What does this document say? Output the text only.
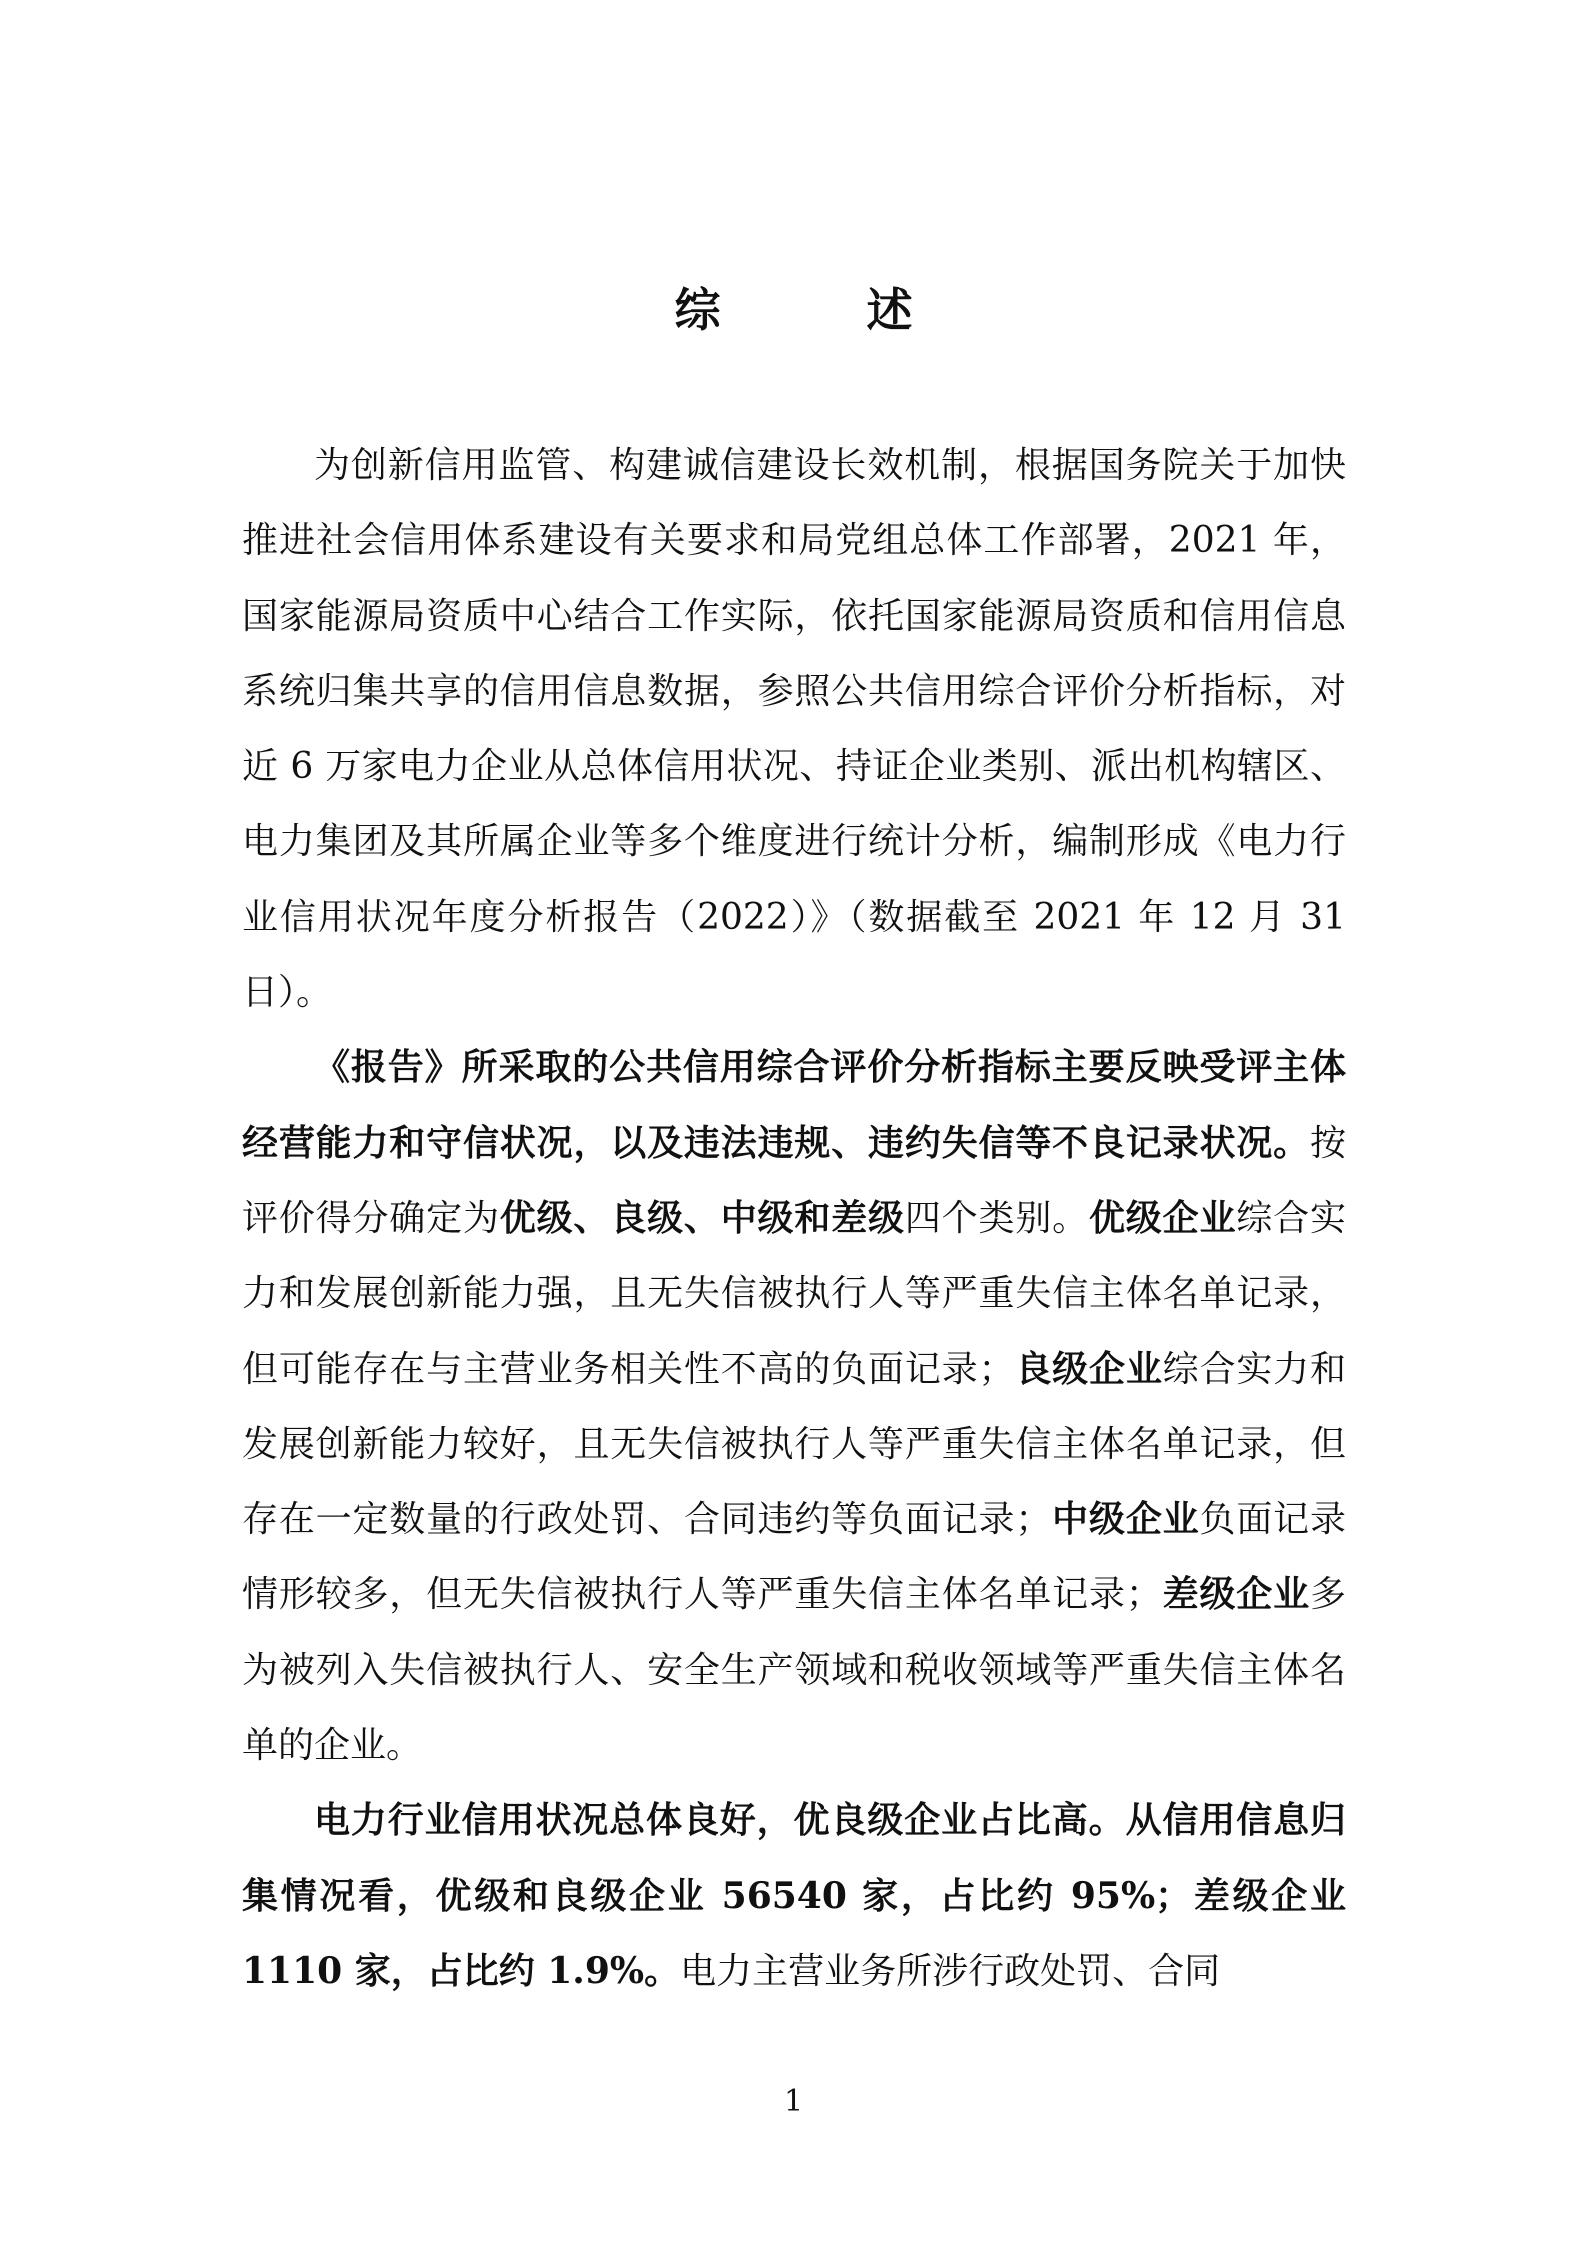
综　述

为创新信用监管、构建诚信建设长效机制，根据国务院关于加快推进社会信用体系建设有关要求和局党组总体工作部署，2021 年，国家能源局资质中心结合工作实际，依托国家能源局资质和信用信息系统归集共享的信用信息数据，参照公共信用综合评价分析指标，对近 6 万家电力企业从总体信用状况、持证企业类别、派出机构辖区、电力集团及其所属企业等多个维度进行统计分析，编制形成《电力行业信用状况年度分析报告（2022）》（数据截至 2021 年 12 月 31 日）。

《报告》所采取的公共信用综合评价分析指标主要反映受评主体经营能力和守信状况，以及违法违规、违约失信等不良记录状况。按评价得分确定为优级、良级、中级和差级四个类别。优级企业综合实力和发展创新能力强，且无失信被执行人等严重失信主体名单记录，但可能存在与主营业务相关性不高的负面记录；良级企业综合实力和发展创新能力较好，且无失信被执行人等严重失信主体名单记录，但存在一定数量的行政处罚、合同违约等负面记录；中级企业负面记录情形较多，但无失信被执行人等严重失信主体名单记录；差级企业多为被列入失信被执行人、安全生产领域和税收领域等严重失信主体名单的企业。

电力行业信用状况总体良好，优良级企业占比高。从信用信息归集情况看，优级和良级企业 56540 家，占比约 95%；差级企业 1110 家，占比约 1.9%。电力主营业务所涉行政处罚、合同

1
